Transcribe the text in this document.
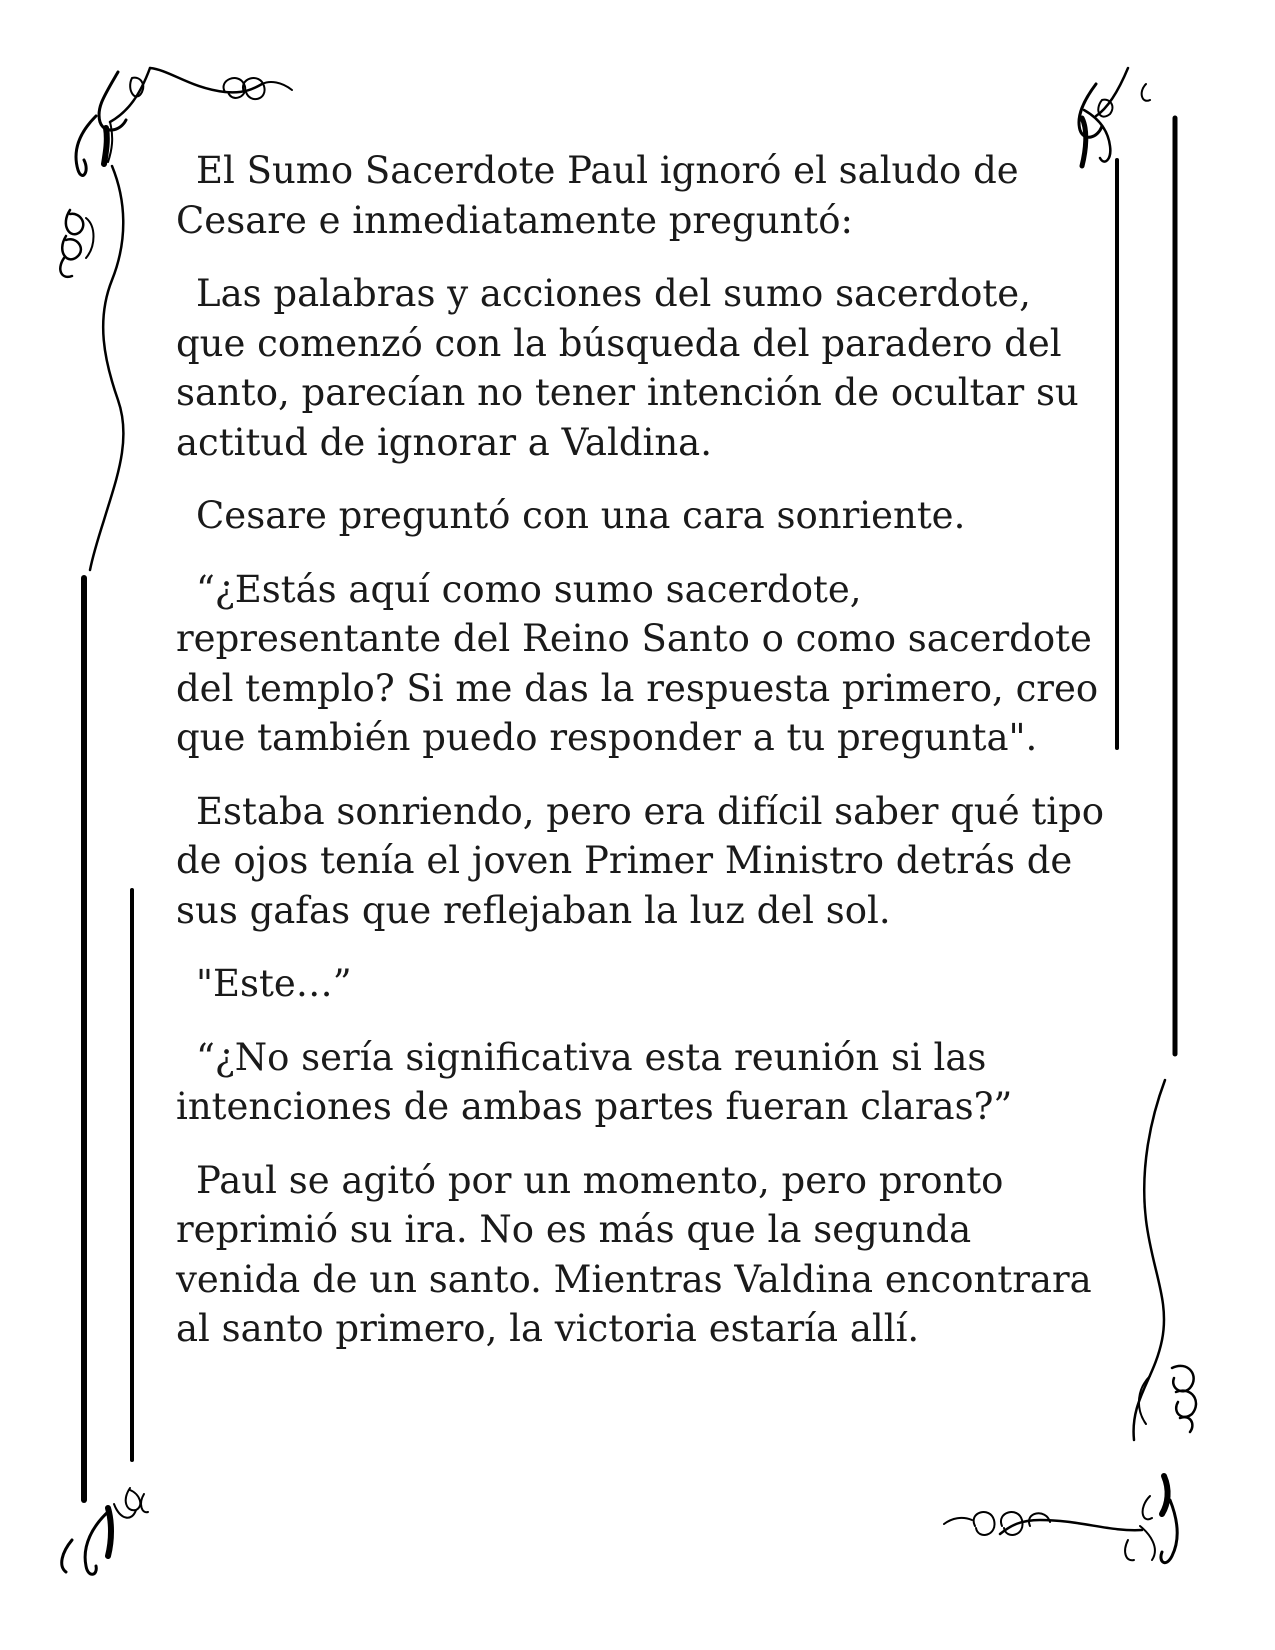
El Sumo Sacerdote Paul ignoró el saludo de Cesare e inmediatamente preguntó:

Las palabras y acciones del sumo sacerdote, que comenzó con la búsqueda del paradero del santo, parecían no tener intención de ocultar su actitud de ignorar a Valdina.

Cesare preguntó con una cara sonriente.

“¿Estás aquí como sumo sacerdote, representante del Reino Santo o como sacerdote del templo? Si me das la respuesta primero, creo que también puedo responder a tu pregunta".

Estaba sonriendo, pero era difícil saber qué tipo de ojos tenía el joven Primer Ministro detrás de sus gafas que reflejaban la luz del sol.

"Este…”

“¿No sería significativa esta reunión si las intenciones de ambas partes fueran claras?”

Paul se agitó por un momento, pero pronto reprimió su ira. No es más que la segunda venida de un santo. Mientras Valdina encontrara al santo primero, la victoria estaría allí.
